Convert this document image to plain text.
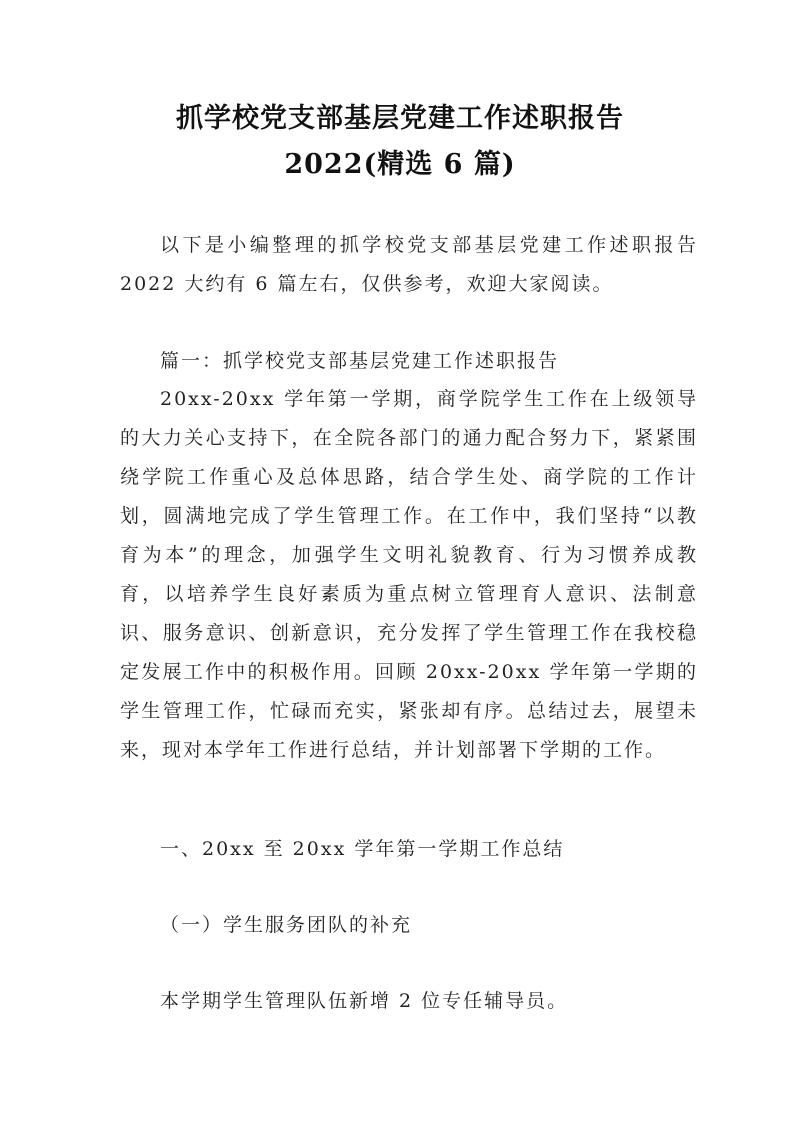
抓学校党支部基层党建工作述职报告
2022(精选 6 篇)

以下是小编整理的抓学校党支部基层党建工作述职报告 2022 大约有 6 篇左右，仅供参考，欢迎大家阅读。

篇一：抓学校党支部基层党建工作述职报告

20xx-20xx 学年第一学期，商学院学生工作在上级领导的大力关心支持下，在全院各部门的通力配合努力下，紧紧围绕学院工作重心及总体思路，结合学生处、商学院的工作计划，圆满地完成了学生管理工作。在工作中，我们坚持“以教育为本”的理念，加强学生文明礼貌教育、行为习惯养成教育，以培养学生良好素质为重点树立管理育人意识、法制意识、服务意识、创新意识，充分发挥了学生管理工作在我校稳定发展工作中的积极作用。回顾 20xx-20xx 学年第一学期的学生管理工作，忙碌而充实，紧张却有序。总结过去，展望未来，现对本学年工作进行总结，并计划部署下学期的工作。

一、20xx 至 20xx 学年第一学期工作总结

（一）学生服务团队的补充

本学期学生管理队伍新增 2 位专任辅导员。
